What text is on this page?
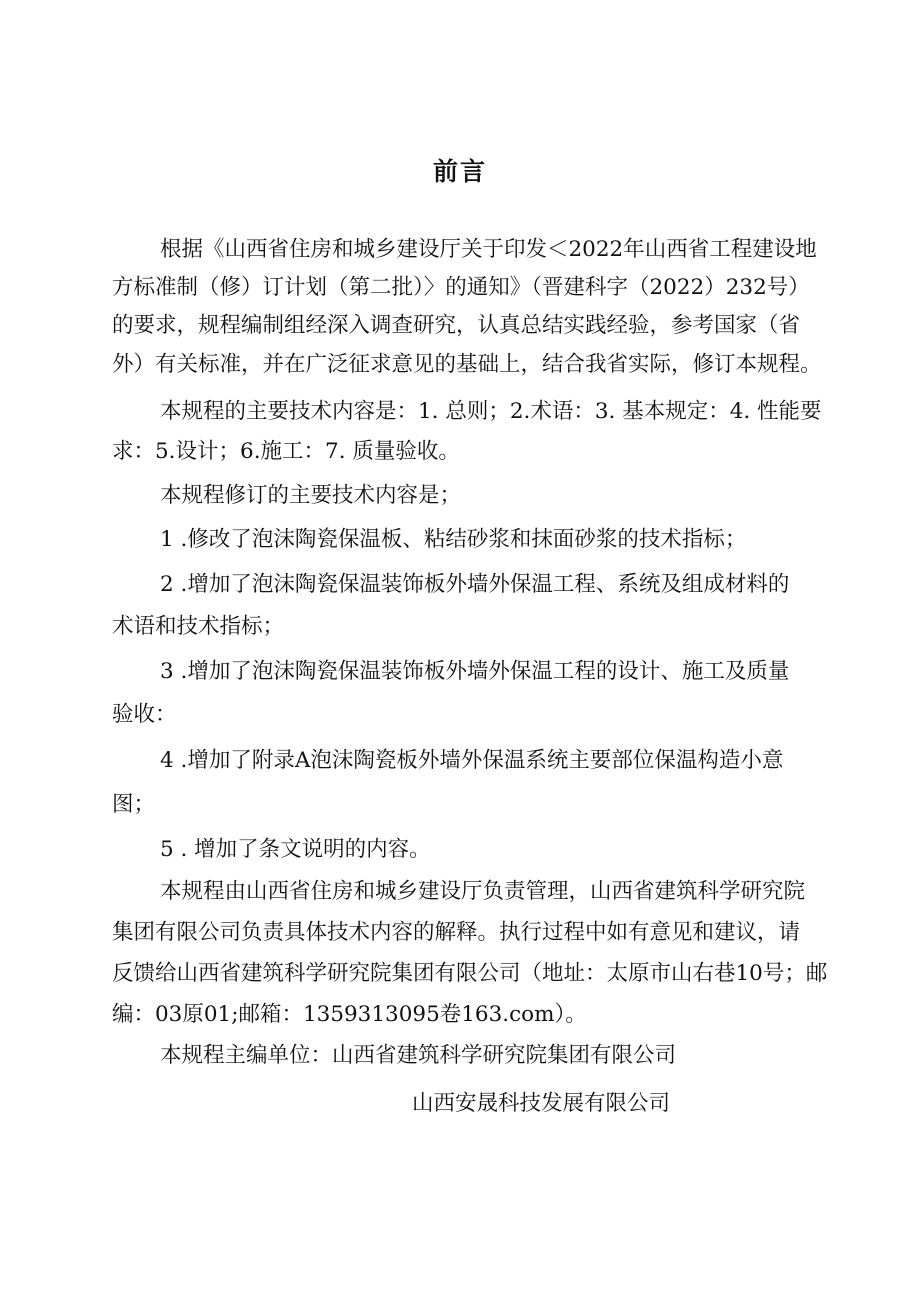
前言
根据《山西省住房和城乡建设厅关于印发＜2022年山西省工程建设地
方标准制（修）订计划（第二批）〉的通知》（晋建科字（2022）232号）
的要求，规程编制组经深入调查研究，认真总结实践经验，参考国家（省
外）有关标准，并在广泛征求意见的基础上，结合我省实际，修订本规程。
本规程的主要技术内容是：1. 总则；2.术语：3. 基本规定：4. 性能要
求：5.设计；6.施工：7. 质量验收。
本规程修订的主要技术内容是；
1 .修改了泡沫陶瓷保温板、粘结砂浆和抹面砂浆的技术指标；
2 .增加了泡沫陶瓷保温装饰板外墙外保温工程、系统及组成材料的
术语和技术指标；
3 .增加了泡沫陶瓷保温装饰板外墙外保温工程的设计、施工及质量
验收：
4 .增加了附录A泡沫陶瓷板外墙外保温系统主要部位保温构造小意
图；
5 . 增加了条文说明的内容。
本规程由山西省住房和城乡建设厅负责管理，山西省建筑科学研究院
集团有限公司负责具体技术内容的解释。执行过程中如有意见和建议，请
反馈给山西省建筑科学研究院集团有限公司（地址：太原市山右巷10号；邮
编：03原01;邮箱：1359313095卷163.com）。
本规程主编单位：山西省建筑科学研究院集团有限公司
山西安晟科技发展有限公司
